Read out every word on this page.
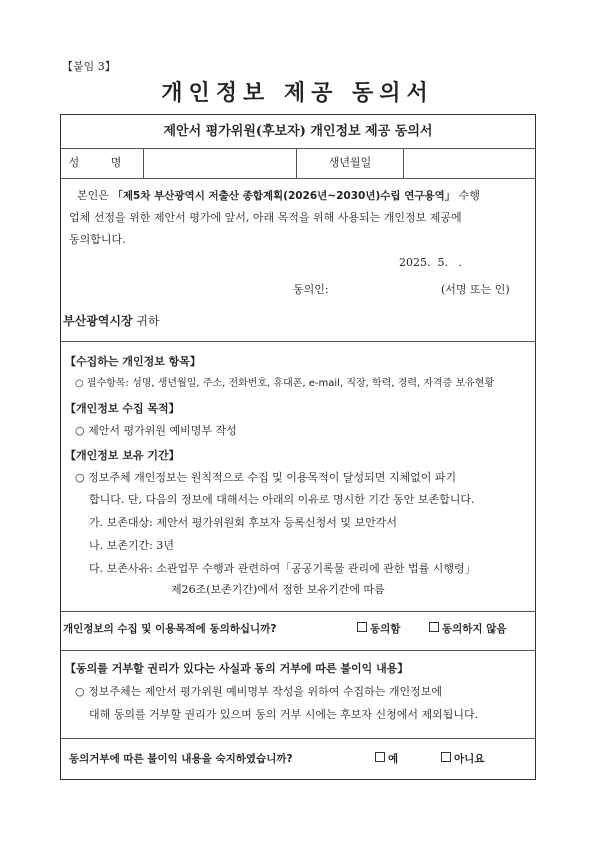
【붙임 3】
개인정보 제공 동의서
제안서 평가위원(후보자) 개인정보 제공 동의서
성 명	생년월일
본인은 「제5차 부산광역시 저출산 종합계획(2026년~2030년)수립 연구용역」 수행
업체 선정을 위한 제안서 평가에 앞서, 아래 목적을 위해 사용되는 개인정보 제공에
동의합니다.
2025.  5.   .
동의인:	(서명 또는 인)
부산광역시장 귀하
【수집하는 개인정보 항목】
○ 필수항목: 성명, 생년월일, 주소, 전화번호, 휴대폰, e-mail, 직장, 학력, 경력, 자격증 보유현황
【개인정보 수집 목적】
○ 제안서 평가위원 예비명부 작성
【개인정보 보유 기간】
○ 정보주체 개인정보는 원칙적으로 수집 및 이용목적이 달성되면 지체없이 파기
합니다. 단, 다음의 정보에 대해서는 아래의 이유로 명시한 기간 동안 보존합니다.
가. 보존대상: 제안서 평가위원회 후보자 등록신청서 및 보안각서
나. 보존기간: 3년
다. 보존사유: 소관업무 수행과 관련하여「공공기록물 관리에 관한 법률 시행령」
제26조(보존기간)에서 정한 보유기간에 따름
개인정보의 수집 및 이용목적에 동의하십니까?	동의함	동의하지 않음
【동의를 거부할 권리가 있다는 사실과 동의 거부에 따른 불이익 내용】
○ 정보주체는 제안서 평가위원 예비명부 작성을 위하여 수집하는 개인정보에
대해 동의를 거부할 권리가 있으며 동의 거부 시에는 후보자 신청에서 제외됩니다.
동의거부에 따른 불이익 내용을 숙지하였습니까?	예	아니요
